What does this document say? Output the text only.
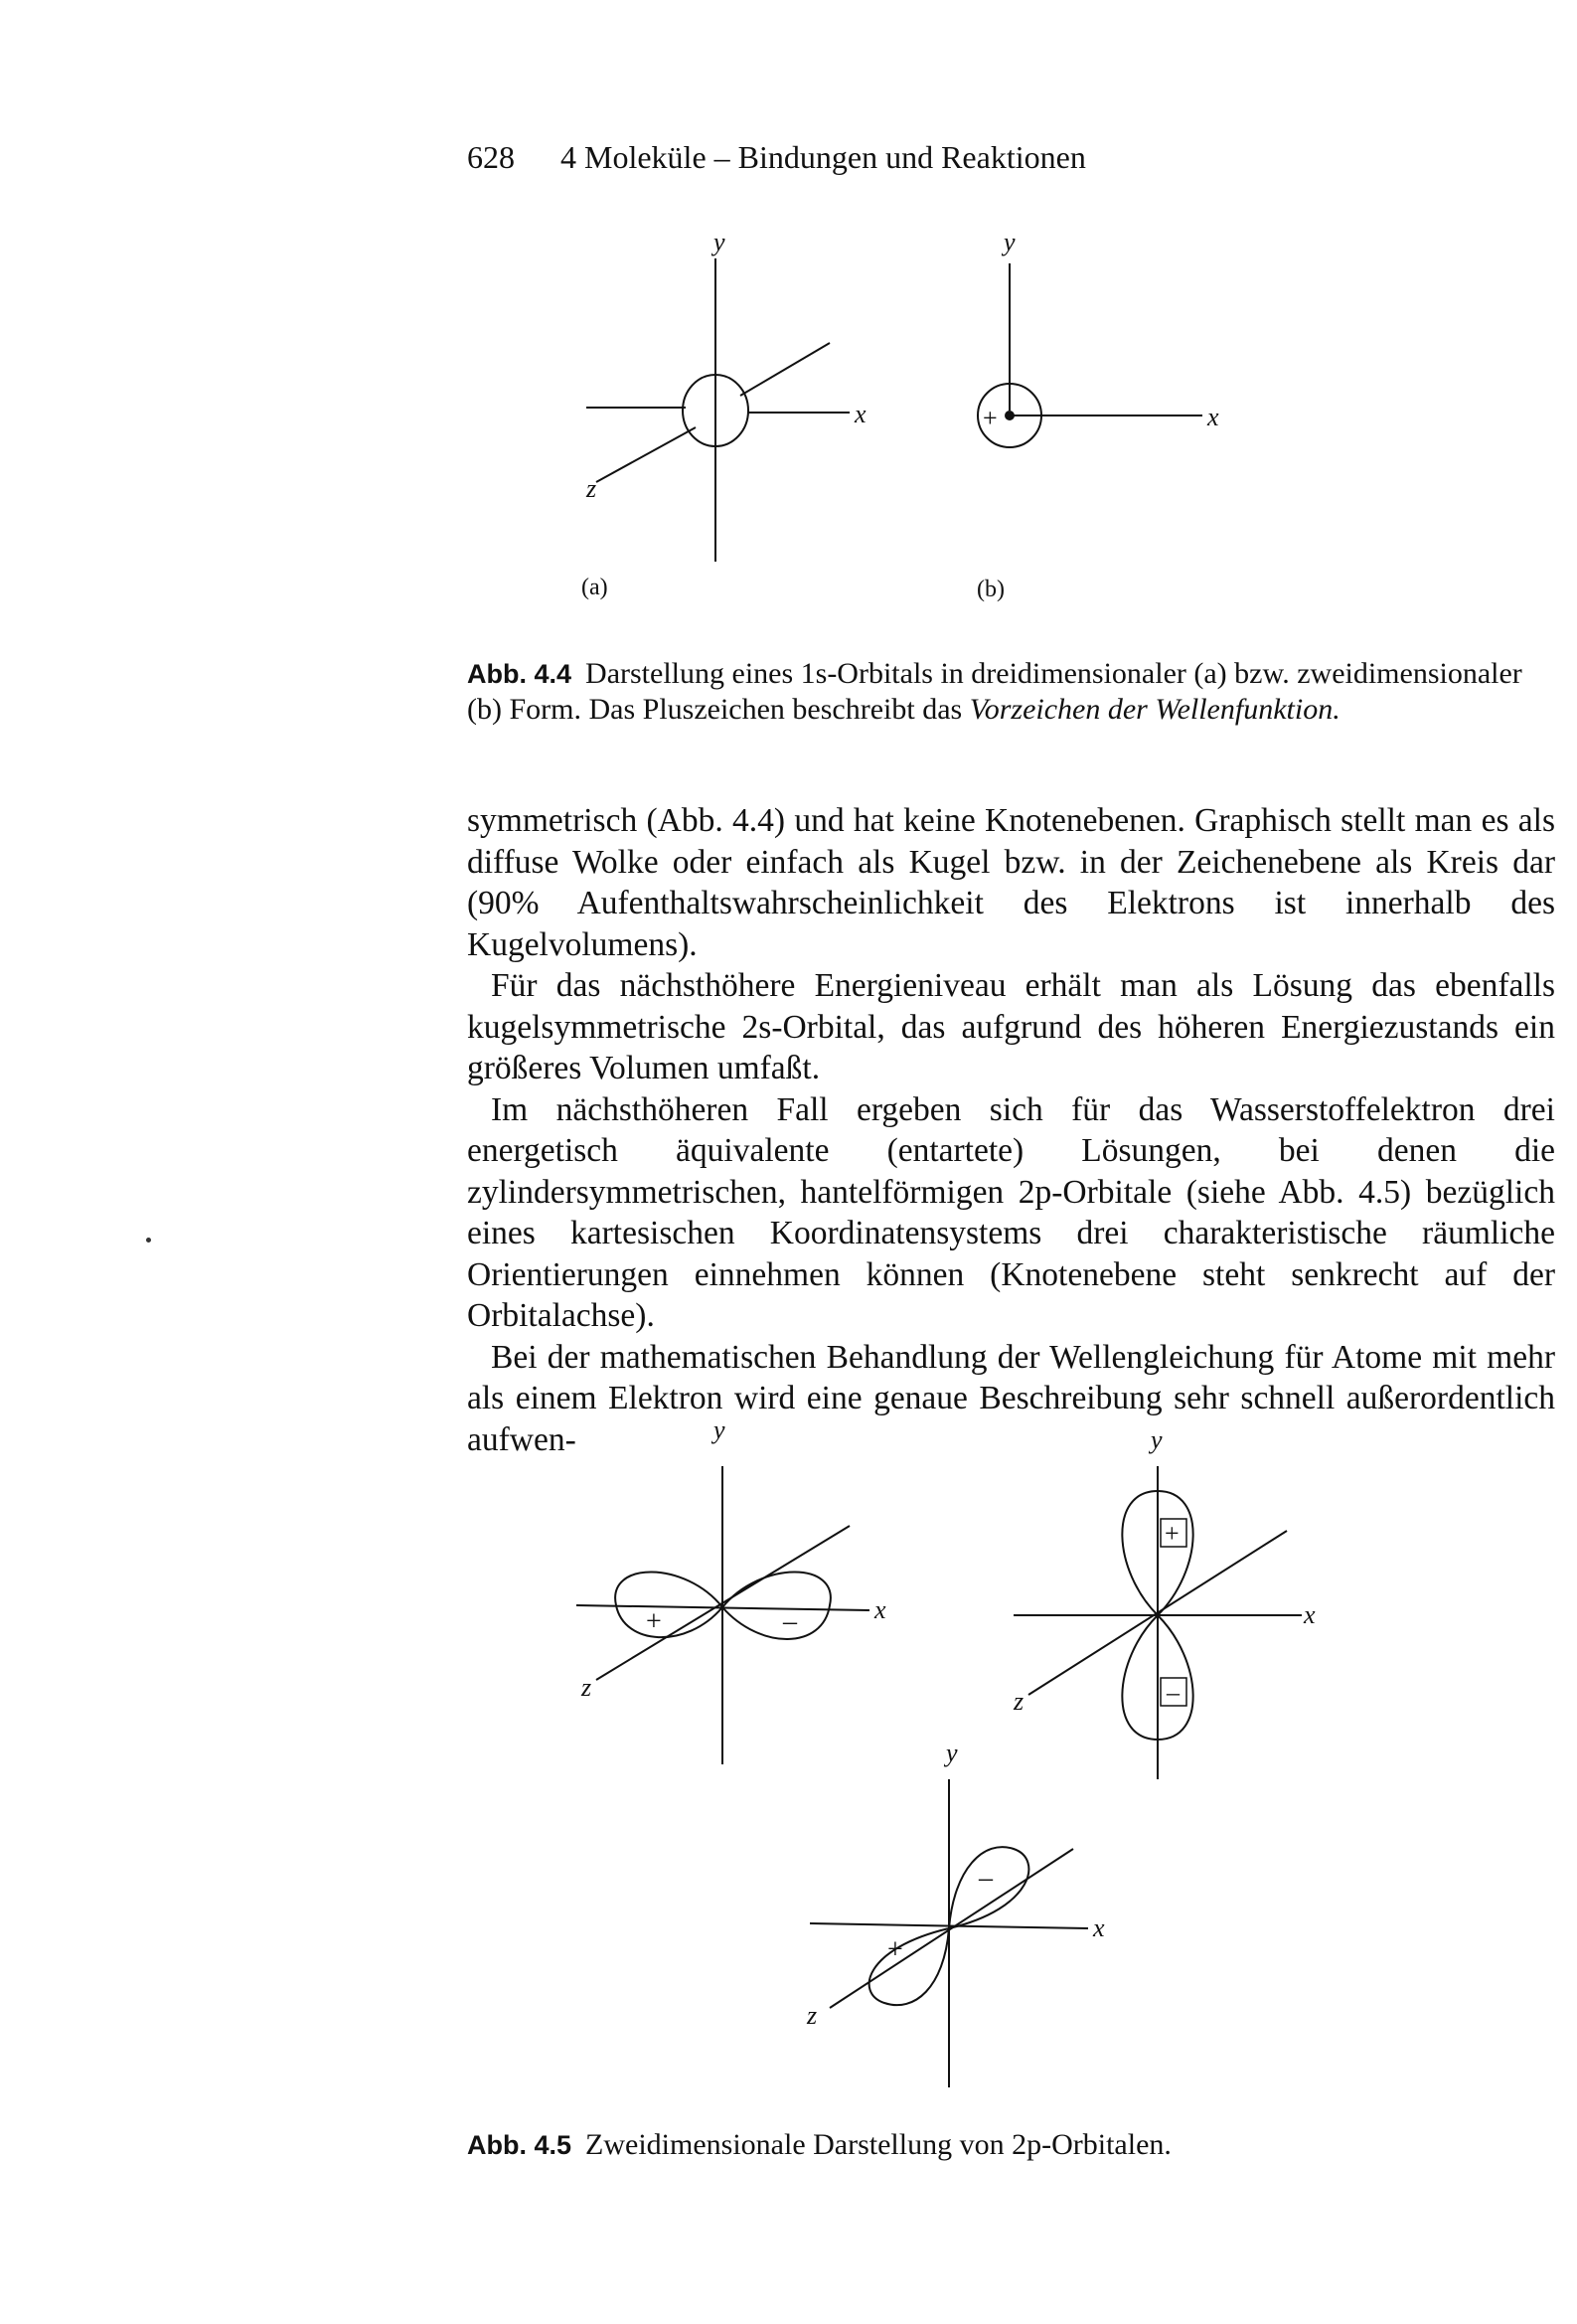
628 4 Moleküle – Bindungen und Reaktionen
y
x
z
(a)
y
x
+
(b)
Abb. 4.4 Darstellung eines 1s-Orbitals in dreidimensionaler (a) bzw. zweidimensionaler (b) Form. Das Pluszeichen beschreibt das Vorzeichen der Wellenfunktion.

symmetrisch (Abb. 4.4) und hat keine Knotenebenen. Graphisch stellt man es als diffuse Wolke oder einfach als Kugel bzw. in der Zeichenebene als Kreis dar (90% Aufenthaltswahrscheinlichkeit des Elektrons ist innerhalb des Kugelvolumens).

Für das nächsthöhere Energieniveau erhält man als Lösung das ebenfalls kugelsymmetrische 2s-Orbital, das aufgrund des höheren Energiezustands ein größeres Volumen umfaßt.

Im nächsthöheren Fall ergeben sich für das Wasserstoffelektron drei energetisch äquivalente (entartete) Lösungen, bei denen die zylindersymmetrischen, hantelförmigen 2p-Orbitale (siehe Abb. 4.5) bezüglich eines kartesischen Koordinatensystems drei charakteristische räumliche Orientierungen einnehmen können (Knotenebene steht senkrecht auf der Orbitalachse).

Bei der mathematischen Behandlung der Wellengleichung für Atome mit mehr als einem Elektron wird eine genaue Beschreibung sehr schnell außerordentlich aufwen-	y
x
z
+	–
y
x
z
+
–
y
x
z
+
–
Abb. 4.5 Zweidimensionale Darstellung von 2p-Orbitalen.
